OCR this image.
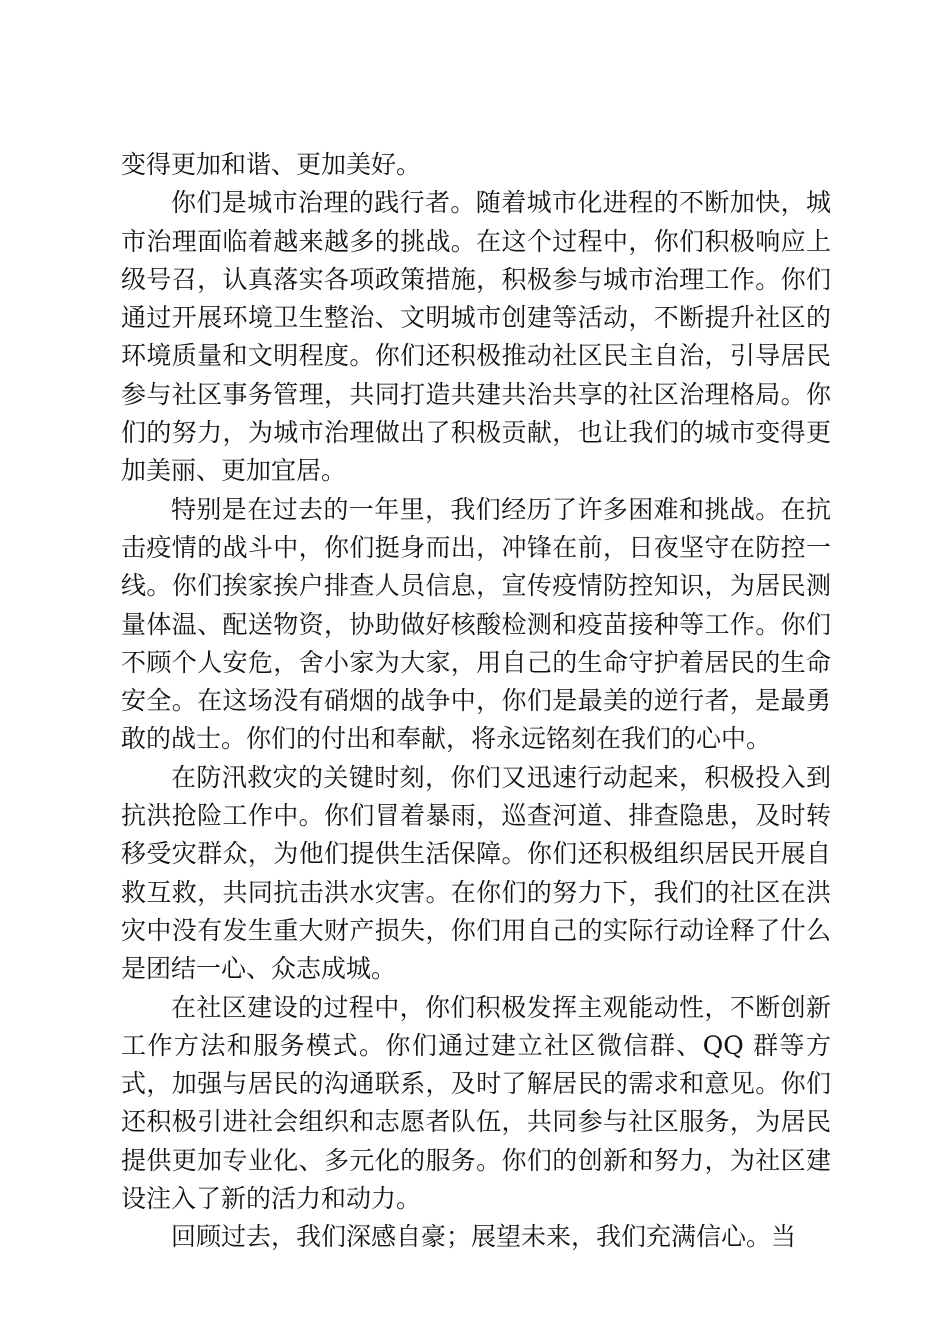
变得更加和谐、更加美好。

你们是城市治理的践行者。随着城市化进程的不断加快，城市治理面临着越来越多的挑战。在这个过程中，你们积极响应上级号召，认真落实各项政策措施，积极参与城市治理工作。你们通过开展环境卫生整治、文明城市创建等活动，不断提升社区的环境质量和文明程度。你们还积极推动社区民主自治，引导居民参与社区事务管理，共同打造共建共治共享的社区治理格局。你们的努力，为城市治理做出了积极贡献，也让我们的城市变得更加美丽、更加宜居。

特别是在过去的一年里，我们经历了许多困难和挑战。在抗击疫情的战斗中，你们挺身而出，冲锋在前，日夜坚守在防控一线。你们挨家挨户排查人员信息，宣传疫情防控知识，为居民测量体温、配送物资，协助做好核酸检测和疫苗接种等工作。你们不顾个人安危，舍小家为大家，用自己的生命守护着居民的生命安全。在这场没有硝烟的战争中，你们是最美的逆行者，是最勇敢的战士。你们的付出和奉献，将永远铭刻在我们的心中。

在防汛救灾的关键时刻，你们又迅速行动起来，积极投入到抗洪抢险工作中。你们冒着暴雨，巡查河道、排查隐患，及时转移受灾群众，为他们提供生活保障。你们还积极组织居民开展自救互救，共同抗击洪水灾害。在你们的努力下，我们的社区在洪灾中没有发生重大财产损失，你们用自己的实际行动诠释了什么是团结一心、众志成城。

在社区建设的过程中，你们积极发挥主观能动性，不断创新工作方法和服务模式。你们通过建立社区微信群、QQ 群等方式，加强与居民的沟通联系，及时了解居民的需求和意见。你们还积极引进社会组织和志愿者队伍，共同参与社区服务，为居民提供更加专业化、多元化的服务。你们的创新和努力，为社区建设注入了新的活力和动力。

回顾过去，我们深感自豪；展望未来，我们充满信心。当
